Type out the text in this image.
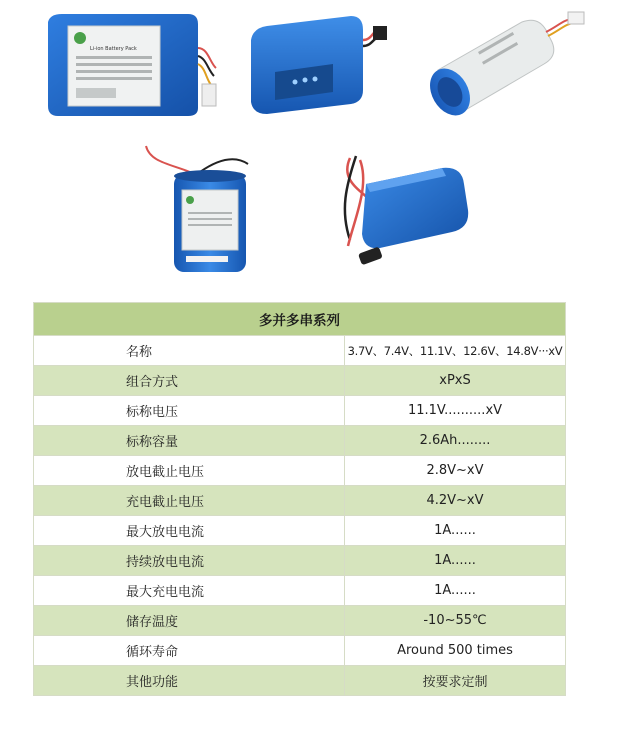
Li-ion Battery Pack
多并多串系列	
名称	3.7V、7.4V、11.1V、12.6V、14.8V···xV
组合方式	xPxS
标称电压	11.1V..........xV
标称容量	2.6Ah........
放电截止电压	2.8V~xV
充电截止电压	4.2V~xV
最大放电电流	1A......
持续放电电流	1A......
最大充电电流	1A......
储存温度	-10~55℃
循环寿命	Around 500 times
其他功能	按要求定制
